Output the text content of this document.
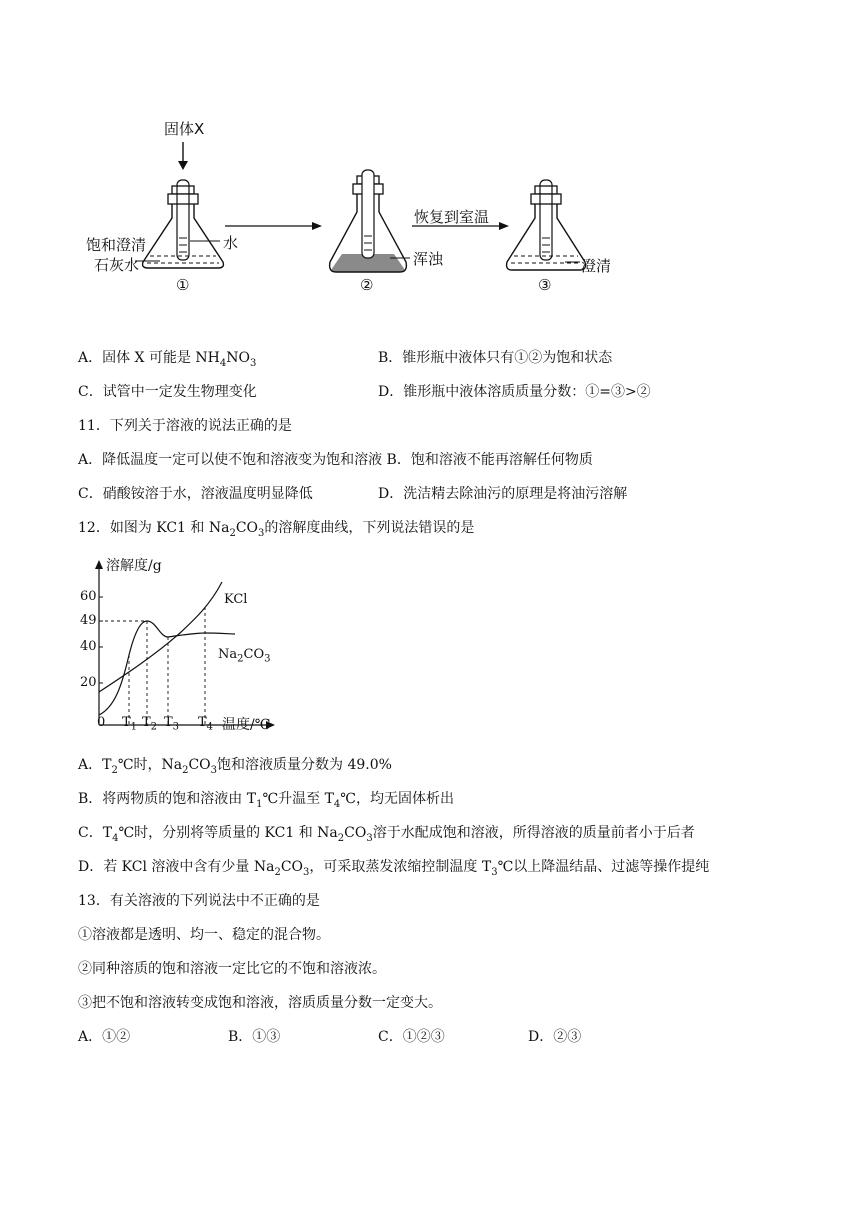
固体X
水
饱和澄清
石灰水
①
浑浊
②
恢复到室温
澄清
③
A．固体 X 可能是 $NH_4NO_3$	B．锥形瓶中液体只有①②为饱和状态
C．试管中一定发生物理变化	D．锥形瓶中液体溶质质量分数：①=③>②
11．下列关于溶液的说法正确的是
A．降低温度一定可以使不饱和溶液变为饱和溶液 B．饱和溶液不能再溶解任何物质
C．硝酸铵溶于水，溶液温度明显降低	D．洗洁精去除油污的原理是将油污溶解
12．如图为 KC1 和 $Na_2CO_3$的溶解度曲线，下列说法错误的是
溶解度/g
60
49
40
20
0 $T_1$ $T_2$ $T_3$ $T_4$ 温度/℃
KCl
$Na_2CO_3$
A．$T_2℃$时，$Na_2CO_3$饱和溶液质量分数为 49.0%
B．将两物质的饱和溶液由 $T_1℃$升温至 $T_4℃$，均无固体析出
C．$T_4℃$时，分别将等质量的 KC1 和 $Na_2CO_3$溶于水配成饱和溶液，所得溶液的质量前者小于后者
D．若 KCl 溶液中含有少量 $Na_2CO_3$，可采取蒸发浓缩控制温度 $T_3℃$以上降温结晶、过滤等操作提纯
13．有关溶液的下列说法中不正确的是
①溶液都是透明、均一、稳定的混合物。
②同种溶质的饱和溶液一定比它的不饱和溶液浓。
③把不饱和溶液转变成饱和溶液，溶质质量分数一定变大。
A．①②	B．①③	C．①②③	D．②③
